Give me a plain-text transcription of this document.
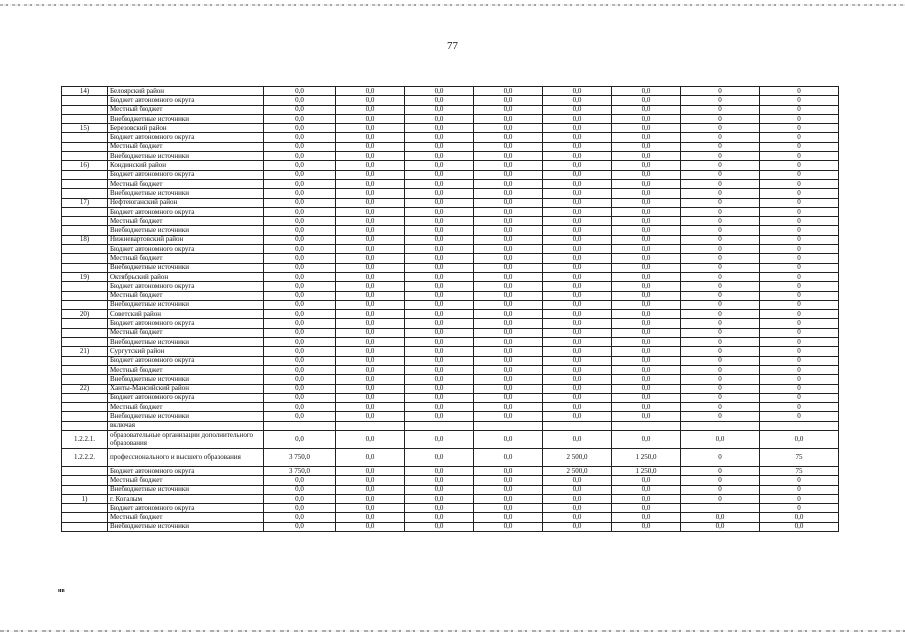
77
14)	Белоярский район	0,0	0,0	0,0	0,0	0,0	0,0	0	0
	Бюджет автономного округа	0,0	0,0	0,0	0,0	0,0	0,0	0	0
	Местный бюджет	0,0	0,0	0,0	0,0	0,0	0,0	0	0
	Внебюджетные источники	0,0	0,0	0,0	0,0	0,0	0,0	0	0
15)	Березовский район	0,0	0,0	0,0	0,0	0,0	0,0	0	0
	Бюджет автономного округа	0,0	0,0	0,0	0,0	0,0	0,0	0	0
	Местный бюджет	0,0	0,0	0,0	0,0	0,0	0,0	0	0
	Внебюджетные источники	0,0	0,0	0,0	0,0	0,0	0,0	0	0
16)	Кондинский район	0,0	0,0	0,0	0,0	0,0	0,0	0	0
	Бюджет автономного округа	0,0	0,0	0,0	0,0	0,0	0,0	0	0
	Местный бюджет	0,0	0,0	0,0	0,0	0,0	0,0	0	0
	Внебюджетные источники	0,0	0,0	0,0	0,0	0,0	0,0	0	0
17)	Нефтеюганский район	0,0	0,0	0,0	0,0	0,0	0,0	0	0
	Бюджет автономного округа	0,0	0,0	0,0	0,0	0,0	0,0	0	0
	Местный бюджет	0,0	0,0	0,0	0,0	0,0	0,0	0	0
	Внебюджетные источники	0,0	0,0	0,0	0,0	0,0	0,0	0	0
18)	Нижневартовский район	0,0	0,0	0,0	0,0	0,0	0,0	0	0
	Бюджет автономного округа	0,0	0,0	0,0	0,0	0,0	0,0	0	0
	Местный бюджет	0,0	0,0	0,0	0,0	0,0	0,0	0	0
	Внебюджетные источники	0,0	0,0	0,0	0,0	0,0	0,0	0	0
19)	Октябрьский район	0,0	0,0	0,0	0,0	0,0	0,0	0	0
	Бюджет автономного округа	0,0	0,0	0,0	0,0	0,0	0,0	0	0
	Местный бюджет	0,0	0,0	0,0	0,0	0,0	0,0	0	0
	Внебюджетные источники	0,0	0,0	0,0	0,0	0,0	0,0	0	0
20)	Советский район	0,0	0,0	0,0	0,0	0,0	0,0	0	0
	Бюджет автономного округа	0,0	0,0	0,0	0,0	0,0	0,0	0	0
	Местный бюджет	0,0	0,0	0,0	0,0	0,0	0,0	0	0
	Внебюджетные источники	0,0	0,0	0,0	0,0	0,0	0,0	0	0
21)	Сургутский район	0,0	0,0	0,0	0,0	0,0	0,0	0	0
	Бюджет автономного округа	0,0	0,0	0,0	0,0	0,0	0,0	0	0
	Местный бюджет	0,0	0,0	0,0	0,0	0,0	0,0	0	0
	Внебюджетные источники	0,0	0,0	0,0	0,0	0,0	0,0	0	0
22)	Ханты-Мансийский район	0,0	0,0	0,0	0,0	0,0	0,0	0	0
	Бюджет автономного округа	0,0	0,0	0,0	0,0	0,0	0,0	0	0
	Местный бюджет	0,0	0,0	0,0	0,0	0,0	0,0	0	0
	Внебюджетные источники	0,0	0,0	0,0	0,0	0,0	0,0	0	0
	включая								
1.2.2.1.	образовательные организации дополнительного образования	0,0	0,0	0,0	0,0	0,0	0,0	0,0	0,0
1.2.2.2.	профессионального и высшего образования	3 750,0	0,0	0,0	0,0	2 500,0	1 250,0	0	75
	Бюджет автономного округа	3 750,0	0,0	0,0	0,0	2 500,0	1 250,0	0	75
	Местный бюджет	0,0	0,0	0,0	0,0	0,0	0,0	0	0
	Внебюджетные источники	0,0	0,0	0,0	0,0	0,0	0,0	0	0
1)	г. Когалым	0,0	0,0	0,0	0,0	0,0	0,0	0	0
	Бюджет автономного округа	0,0	0,0	0,0	0,0	0,0	0,0		0
	Местный бюджет	0,0	0,0	0,0	0,0	0,0	0,0	0,0	0,0
	Внебюджетные источники	0,0	0,0	0,0	0,0	0,0	0,0	0,0	0,0
нв
